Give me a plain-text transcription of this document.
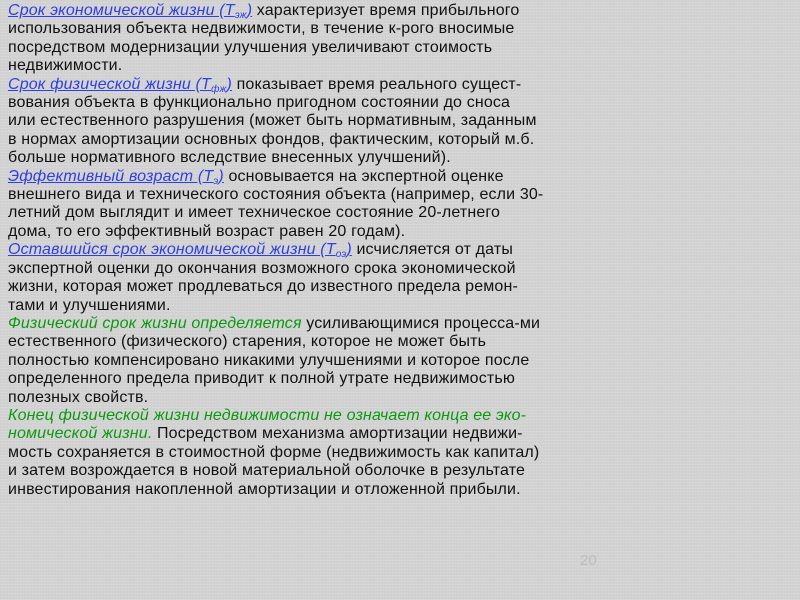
Срок экономической жизни $(Т_{эж})$ характеризует время прибыльного
использования объекта недвижимости, в течение к-рого вносимые
посредством модернизации улучшения увеличивают стоимость
недвижимости.

Срок физической жизни $(Т_{фж})$ показывает время реального сущест-
вования объекта в функционально пригодном состоянии до сноса
или естественного разрушения (может быть нормативным, заданным
в нормах амортизации основных фондов, фактическим, который м.б.
больше нормативного вследствие внесенных улучшений).

Эффективный возраст $(Т_э)$ основывается на экспертной оценке
внешнего вида и технического состояния объекта (например, если 30-
летний дом выглядит и имеет техническое состояние 20-летнего
дома, то его эффективный возраст равен 20 годам).

Оставшийся срок экономической жизни $(Т_{оэ})$ исчисляется от даты
экспертной оценки до окончания возможного срока экономической
жизни, которая может продлеваться до известного предела ремон-
тами и улучшениями.

Физический срок жизни определяется усиливающимися процесса-ми
естественного (физического) старения, которое не может быть
полностью компенсировано никакими улучшениями и которое после
определенного предела приводит к полной утрате недвижимостью
полезных свойств.

Конец физической жизни недвижимости не означает конца ее эко-
номической жизни. Посредством механизма амортизации недвижи-
мость сохраняется в стоимостной форме (недвижимость как капитал)
и затем возрождается в новой материальной оболочке в результате
инвестирования накопленной амортизации и отложенной прибыли.

20
